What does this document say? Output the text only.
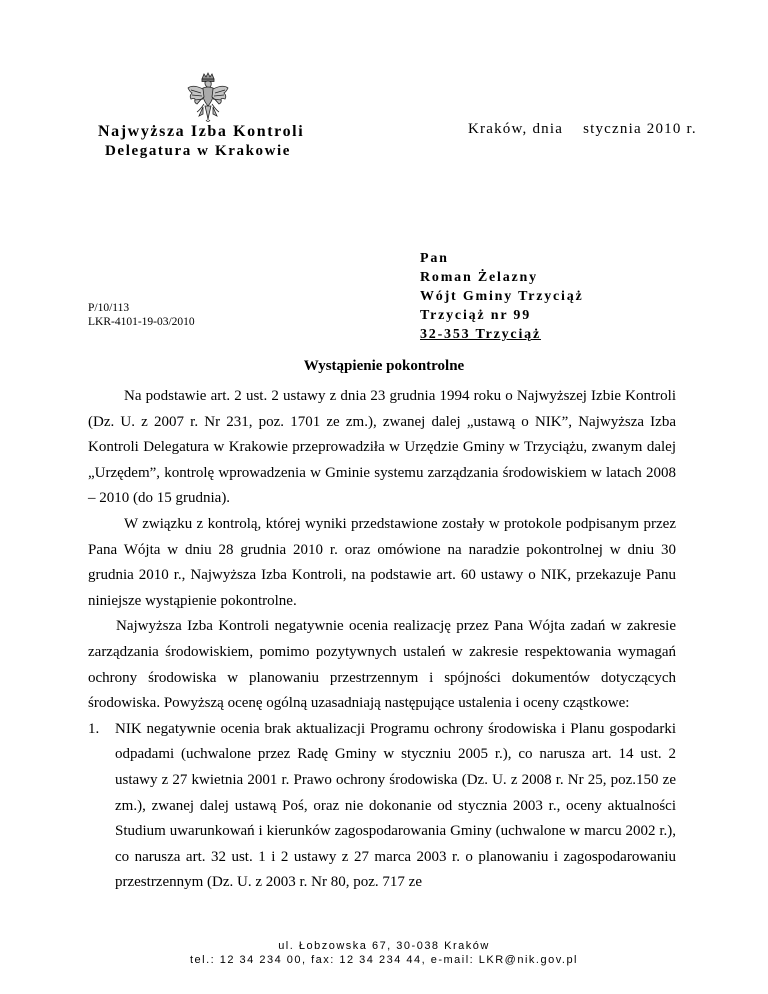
Najwyższa Izba Kontroli
Delegatura w Krakowie
Kraków, dnia stycznia 2010 r.
Pan
Roman Żelazny
Wójt Gminy Trzyciąż
Trzyciąż nr 99
32-353 Trzyciąż
P/10/113
LKR-4101-19-03/2010
Wystąpienie pokontrolne

Na podstawie art. 2 ust. 2 ustawy z dnia 23 grudnia 1994 roku o Najwyższej Izbie Kontroli (Dz. U. z 2007 r. Nr 231, poz. 1701 ze zm.), zwanej dalej „ustawą o NIK”, Najwyższa Izba Kontroli Delegatura w Krakowie przeprowadziła w Urzędzie Gminy w Trzyciążu, zwanym dalej „Urzędem”, kontrolę wprowadzenia w Gminie systemu zarządzania środowiskiem w latach 2008 – 2010 (do 15 grudnia).

W związku z kontrolą, której wyniki przedstawione zostały w protokole podpisanym przez Pana Wójta w dniu 28 grudnia 2010 r. oraz omówione na naradzie pokontrolnej w dniu 30 grudnia 2010 r., Najwyższa Izba Kontroli, na podstawie art. 60 ustawy o NIK, przekazuje Panu niniejsze wystąpienie pokontrolne.

Najwyższa Izba Kontroli negatywnie ocenia realizację przez Pana Wójta zadań w zakresie zarządzania środowiskiem, pomimo pozytywnych ustaleń w zakresie respektowania wymagań ochrony środowiska w planowaniu przestrzennym i spójności dokumentów dotyczących środowiska. Powyższą ocenę ogólną uzasadniają następujące ustalenia i oceny cząstkowe:

1. NIK negatywnie ocenia brak aktualizacji Programu ochrony środowiska i Planu gospodarki odpadami (uchwalone przez Radę Gminy w styczniu 2005 r.), co narusza art. 14 ust. 2 ustawy z 27 kwietnia 2001 r. Prawo ochrony środowiska (Dz. U. z 2008 r. Nr 25, poz.150 ze zm.), zwanej dalej ustawą Poś, oraz nie dokonanie od stycznia 2003 r., oceny aktualności Studium uwarunkowań i kierunków zagospodarowania Gminy (uchwalone w marcu 2002 r.), co narusza art. 32 ust. 1 i 2 ustawy z 27 marca 2003 r. o planowaniu i zagospodarowaniu przestrzennym (Dz. U. z 2003 r. Nr 80, poz. 717 ze
ul. Łobzowska 67, 30-038 Kraków
tel.: 12 34 234 00, fax: 12 34 234 44, e-mail: LKR@nik.gov.pl
